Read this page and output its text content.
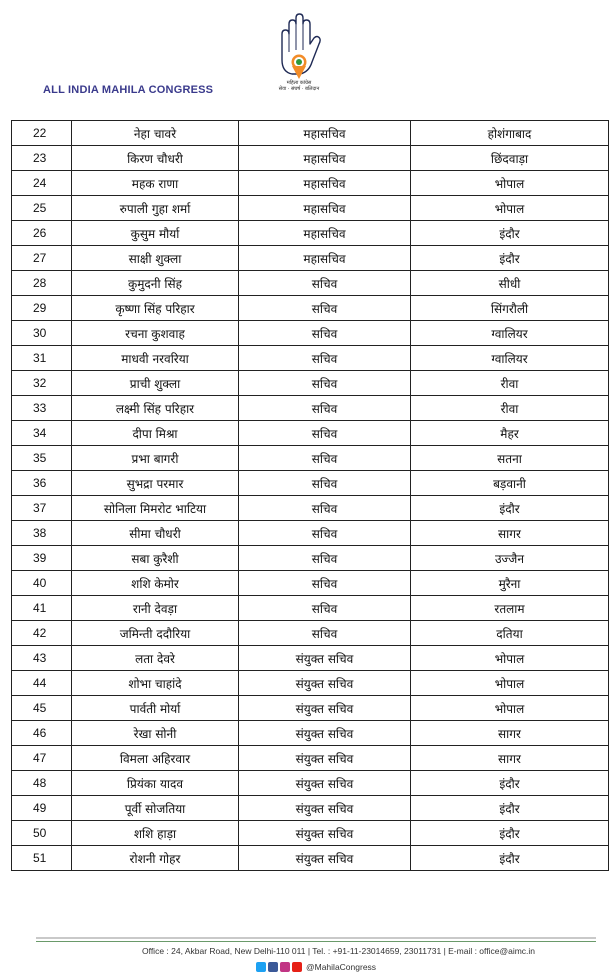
ALL INDIA MAHILA CONGRESS
महिला कांग्रेस
सेवा · संघर्ष · बलिदान
22	नेहा चावरे	महासचिव	होशंगाबाद
23	किरण चौधरी	महासचिव	छिंदवाड़ा
24	महक राणा	महासचिव	भोपाल
25	रुपाली गुहा शर्मा	महासचिव	भोपाल
26	कुसुम मौर्या	महासचिव	इंदौर
27	साक्षी शुक्ला	महासचिव	इंदौर
28	कुमुदनी सिंह	सचिव	सीधी
29	कृष्णा सिंह परिहार	सचिव	सिंगरौली
30	रचना कुशवाह	सचिव	ग्वालियर
31	माधवी नरवरिया	सचिव	ग्वालियर
32	प्राची शुक्ला	सचिव	रीवा
33	लक्ष्मी सिंह परिहार	सचिव	रीवा
34	दीपा मिश्रा	सचिव	मैहर
35	प्रभा बागरी	सचिव	सतना
36	सुभद्रा परमार	सचिव	बड़वानी
37	सोनिला मिमरोट भाटिया	सचिव	इंदौर
38	सीमा चौधरी	सचिव	सागर
39	सबा कुरैशी	सचिव	उज्जैन
40	शशि केमोर	सचिव	मुरैना
41	रानी देवड़ा	सचिव	रतलाम
42	जमिन्ती ददौरिया	सचिव	दतिया
43	लता देवरे	संयुक्त सचिव	भोपाल
44	शोभा चाहांदे	संयुक्त सचिव	भोपाल
45	पार्वती मोर्या	संयुक्त सचिव	भोपाल
46	रेखा सोनी	संयुक्त सचिव	सागर
47	विमला अहिरवार	संयुक्त सचिव	सागर
48	प्रियंका यादव	संयुक्त सचिव	इंदौर
49	पूर्वी सोजतिया	संयुक्त सचिव	इंदौर
50	शशि हाड़ा	संयुक्त सचिव	इंदौर
51	रोशनी गोहर	संयुक्त सचिव	इंदौर
Office : 24, Akbar Road, New Delhi-110 011 | Tel. : +91-11-23014659, 23011731 | E-mail : office@aimc.in
@MahilaCongress
